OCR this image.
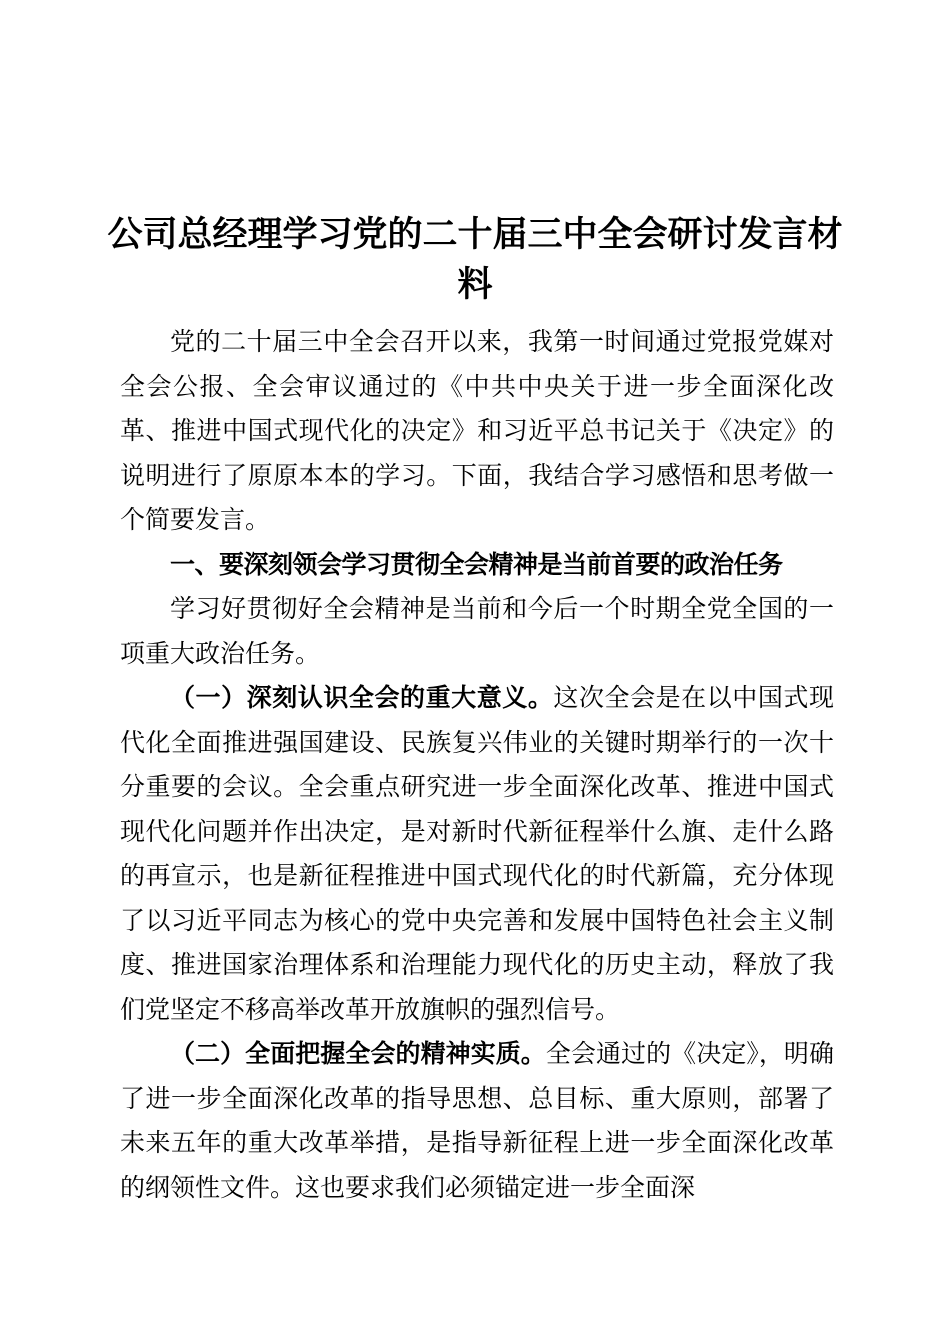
公司总经理学习党的二十届三中全会研讨发言材料

党的二十届三中全会召开以来，我第一时间通过党报党媒对全会公报、全会审议通过的《中共中央关于进一步全面深化改革、推进中国式现代化的决定》和习近平总书记关于《决定》的说明进行了原原本本的学习。下面，我结合学习感悟和思考做一个简要发言。

一、要深刻领会学习贯彻全会精神是当前首要的政治任务

学习好贯彻好全会精神是当前和今后一个时期全党全国的一项重大政治任务。

（一）深刻认识全会的重大意义。这次全会是在以中国式现代化全面推进强国建设、民族复兴伟业的关键时期举行的一次十分重要的会议。全会重点研究进一步全面深化改革、推进中国式现代化问题并作出决定，是对新时代新征程举什么旗、走什么路的再宣示，也是新征程推进中国式现代化的时代新篇，充分体现了以习近平同志为核心的党中央完善和发展中国特色社会主义制度、推进国家治理体系和治理能力现代化的历史主动，释放了我们党坚定不移高举改革开放旗帜的强烈信号。

（二）全面把握全会的精神实质。全会通过的《决定》，明确了进一步全面深化改革的指导思想、总目标、重大原则，部署了未来五年的重大改革举措，是指导新征程上进一步全面深化改革的纲领性文件。这也要求我们必须锚定进一步全面深
